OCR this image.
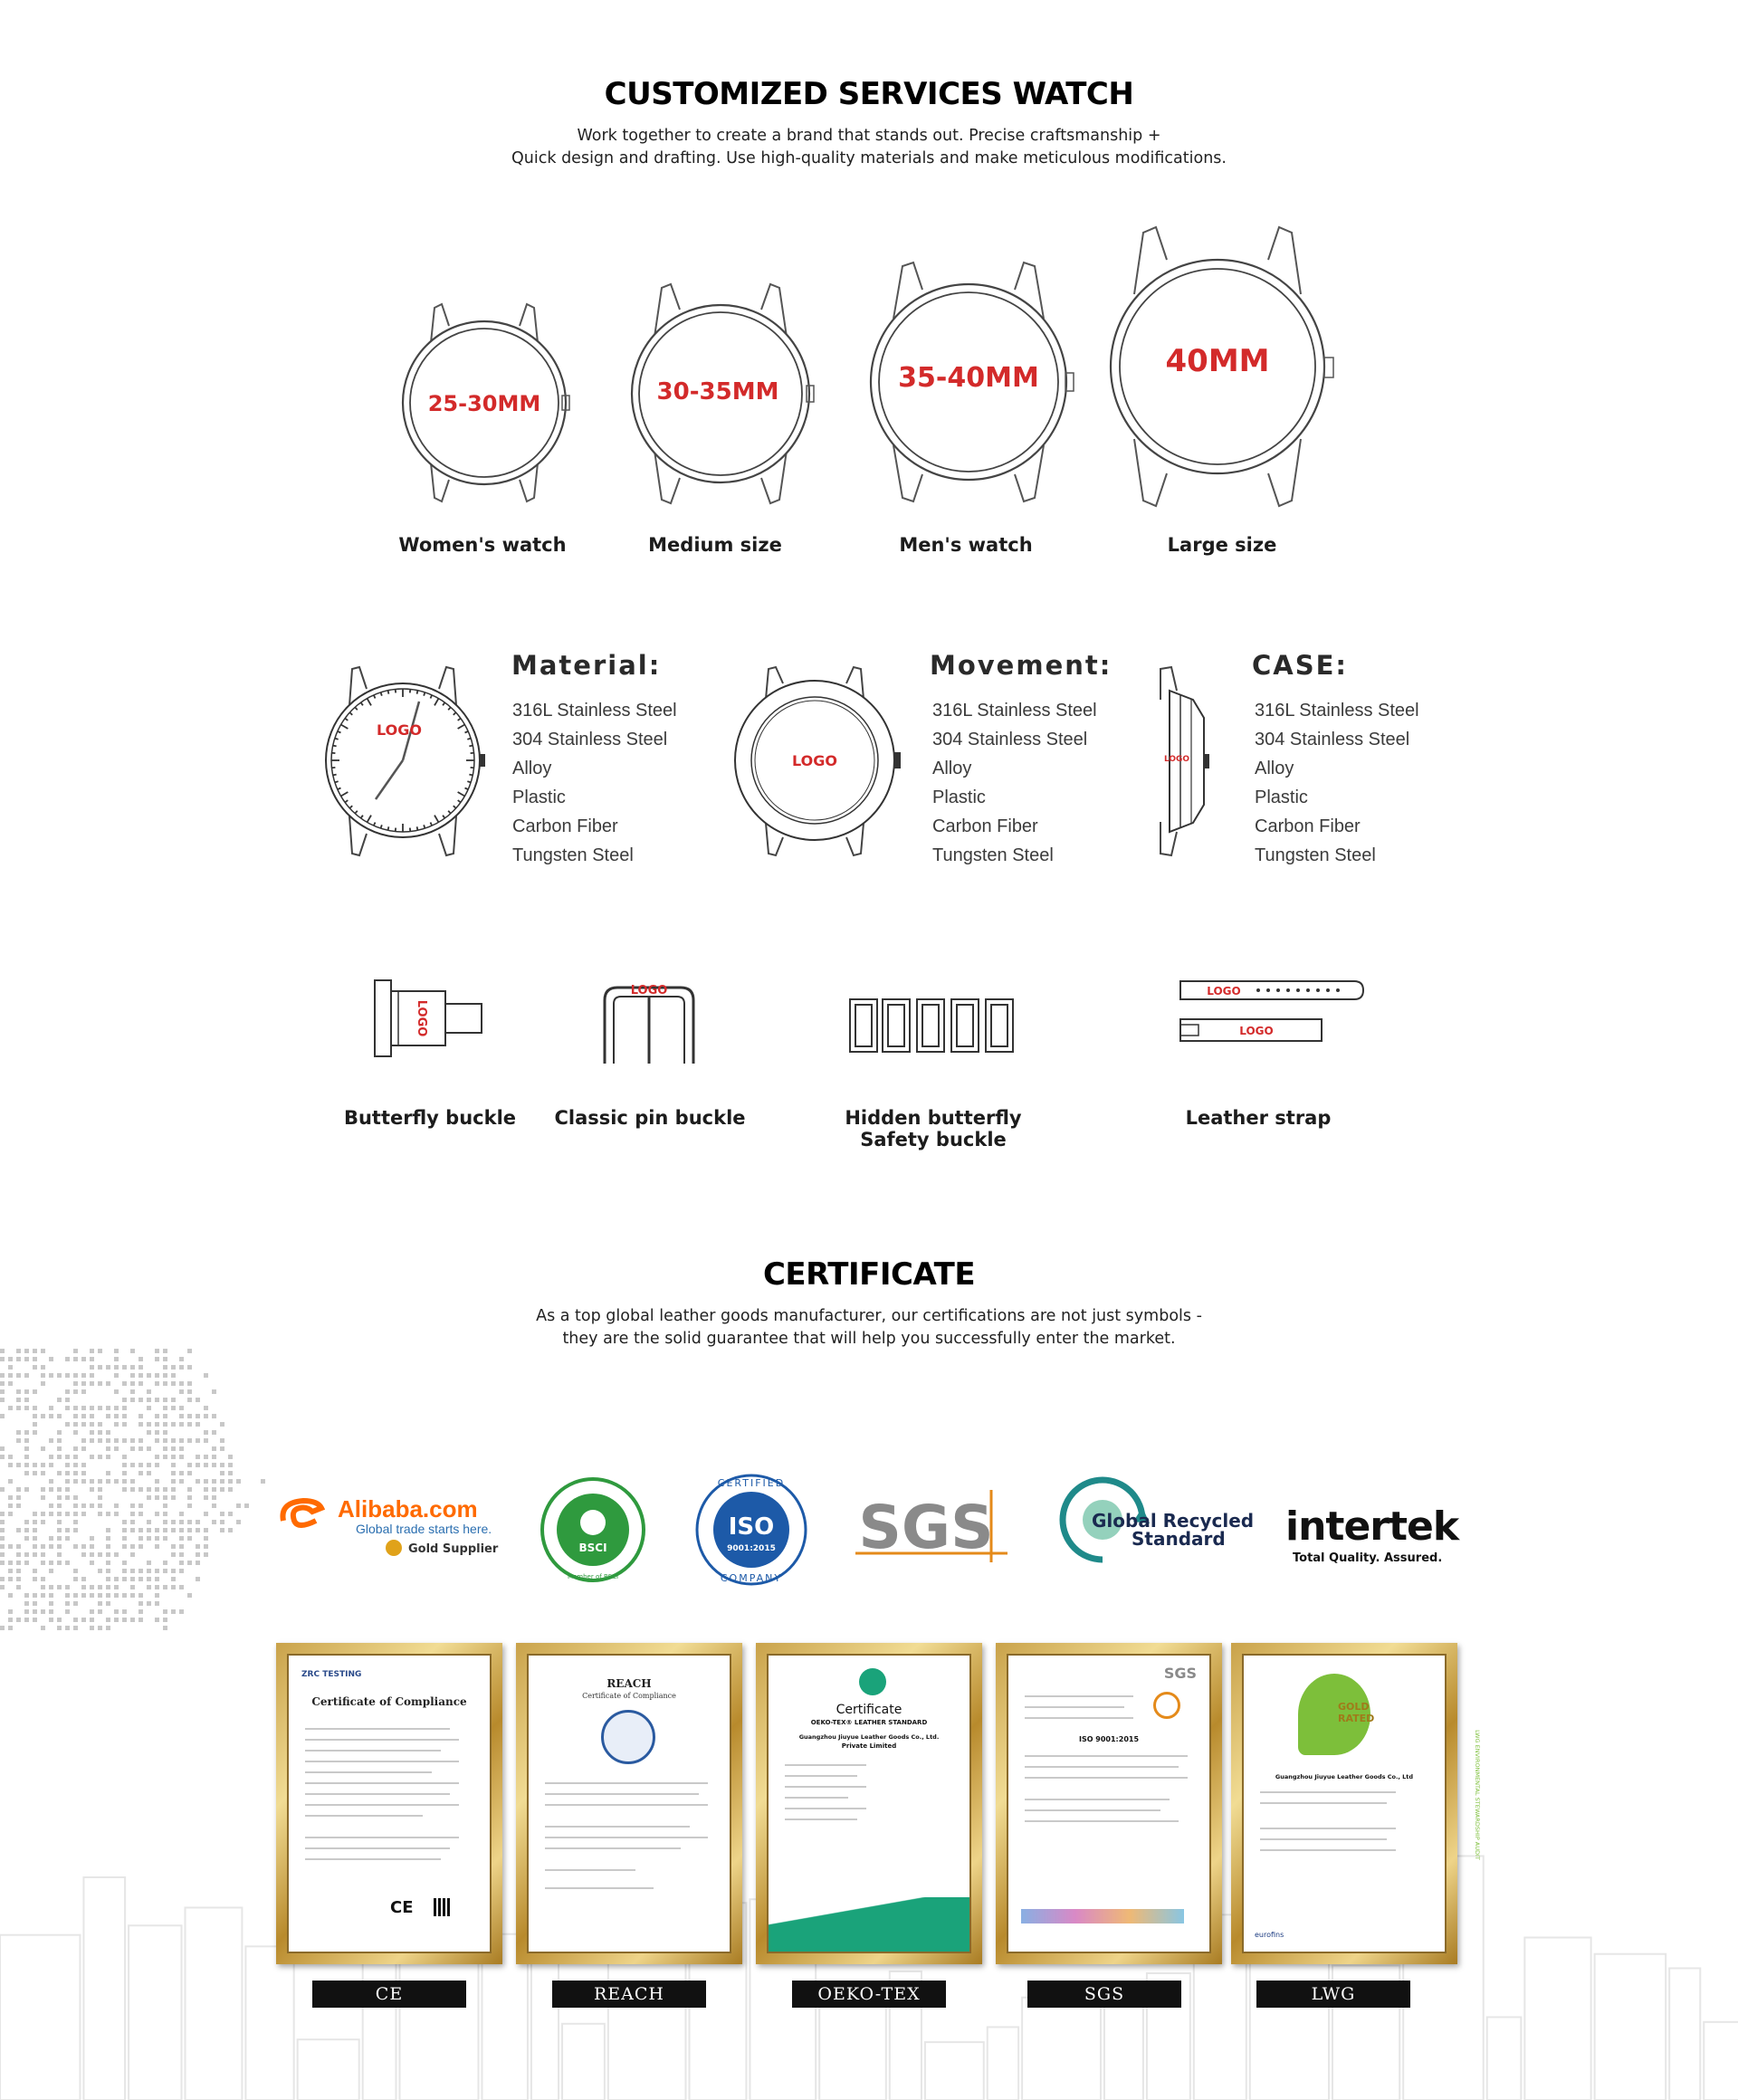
CUSTOMIZED SERVICES WATCH
Work together to create a brand that stands out. Precise craftsmanship +
Quick design and drafting. Use high-quality materials and make meticulous modifications.
25-30MM
Women's watch
30-35MM
Medium size
35-40MM
Men's watch
40MM
Large size
LOGO
Material:
316L Stainless Steel
304 Stainless Steel
Alloy
Plastic
Carbon Fiber
Tungsten Steel
LOGO
Movement:
316L Stainless Steel
304 Stainless Steel
Alloy
Plastic
Carbon Fiber
Tungsten Steel
LOGO
CASE:
316L Stainless Steel
304 Stainless Steel
Alloy
Plastic
Carbon Fiber
Tungsten Steel
LOGO
Butterfly buckle
LOGO
Classic pin buckle	Hidden butterfly
Safety buckle
LOGO
LOGO
Leather strap
CERTIFICATE
As a top global leather goods manufacturer, our certifications are not just symbols -
they are the solid guarantee that will help you successfully enter the market.
Alibaba.com
Global trade starts here.
Gold Supplier	BSCI
Member of BSCI
ISO
9001:2015
CERTIFIED
COMPANY
SGS	Global Recycled
Standard intertek
Total Quality. Assured.
ZRC TESTING
Certificate of Compliance
CE
CE
REACH
Certificate of Compliance
REACH
Certificate
OEKO-TEX® LEATHER STANDARD
Guangzhou Jiuyue Leather Goods Co., Ltd.
Private Limited
OEKO-TEX
SGS
ISO 9001:2015
SGS
GOLD RATED
LWG ENVIRONMENTAL STEWARDSHIP AUDIT
Guangzhou Jiuyue Leather Goods Co., Ltd
eurofins
LWG
